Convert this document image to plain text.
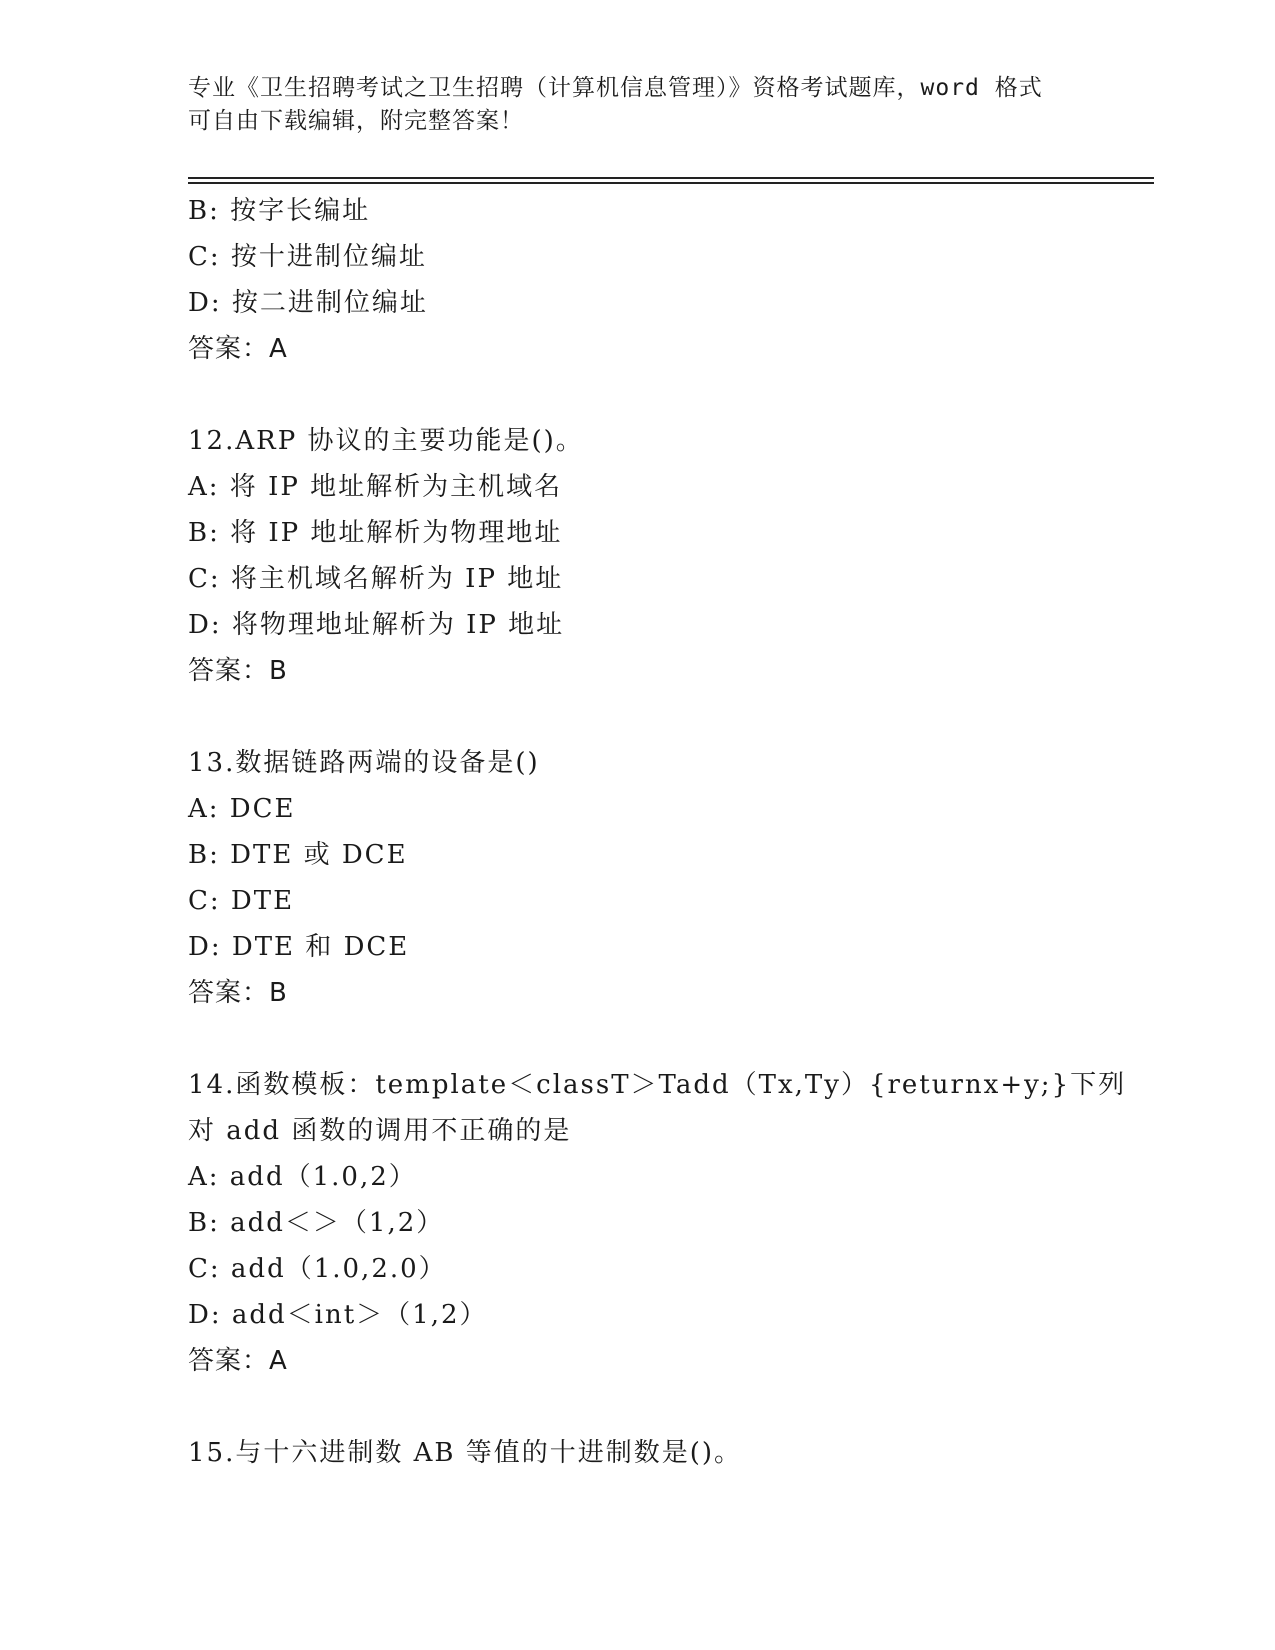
专业《卫生招聘考试之卫生招聘（计算机信息管理）》资格考试题库，word 格式
可自由下载编辑，附完整答案！
B: 按字长编址
C: 按十进制位编址
D: 按二进制位编址
答案：A
12.ARP 协议的主要功能是()。
A: 将 IP 地址解析为主机域名
B: 将 IP 地址解析为物理地址
C: 将主机域名解析为 IP 地址
D: 将物理地址解析为 IP 地址
答案：B
13.数据链路两端的设备是()
A: DCE
B: DTE 或 DCE
C: DTE
D: DTE 和 DCE
答案：B
14.函数模板：template＜classT＞Tadd（Tx,Ty）{returnx+y;}下列
对 add 函数的调用不正确的是
A: add（1.0,2）
B: add＜＞（1,2）
C: add（1.0,2.0）
D: add＜int＞（1,2）
答案：A
15.与十六进制数 AB 等值的十进制数是()。
